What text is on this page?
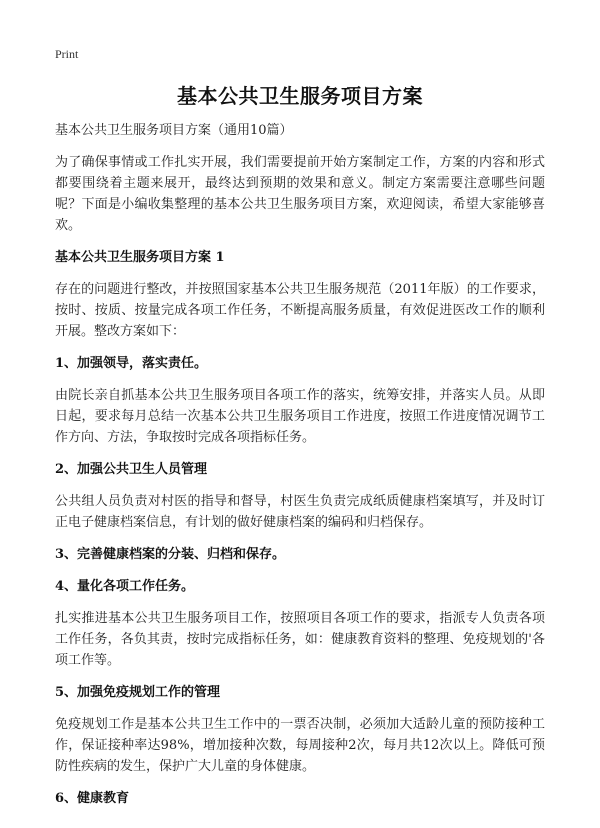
Print
基本公共卫生服务项目方案

基本公共卫生服务项目方案（通用10篇）

为了确保事情或工作扎实开展，我们需要提前开始方案制定工作，方案的内容和形式都要围绕着主题来展开，最终达到预期的效果和意义。制定方案需要注意哪些问题呢？下面是小编收集整理的基本公共卫生服务项目方案，欢迎阅读，希望大家能够喜欢。

基本公共卫生服务项目方案 1

存在的问题进行整改，并按照国家基本公共卫生服务规范（2011年版）的工作要求，按时、按质、按量完成各项工作任务，不断提高服务质量，有效促进医改工作的顺利开展。整改方案如下：

1、加强领导，落实责任。

由院长亲自抓基本公共卫生服务项目各项工作的落实，统筹安排，并落实人员。从即日起，要求每月总结一次基本公共卫生服务项目工作进度，按照工作进度情况调节工作方向、方法，争取按时完成各项指标任务。

2、加强公共卫生人员管理

公共组人员负责对村医的指导和督导，村医生负责完成纸质健康档案填写，并及时订正电子健康档案信息，有计划的做好健康档案的编码和归档保存。

3、完善健康档案的分装、归档和保存。
4、量化各项工作任务。

扎实推进基本公共卫生服务项目工作，按照项目各项工作的要求，指派专人负责各项工作任务，各负其责，按时完成指标任务，如：健康教育资料的整理、免疫规划的'各项工作等。

5、加强免疫规划工作的管理

免疫规划工作是基本公共卫生工作中的一票否决制，必须加大适龄儿童的预防接种工作，保证接种率达98%，增加接种次数，每周接种2次，每月共12次以上。降低可预防性疾病的发生，保护广大儿童的身体健康。

6、健康教育
